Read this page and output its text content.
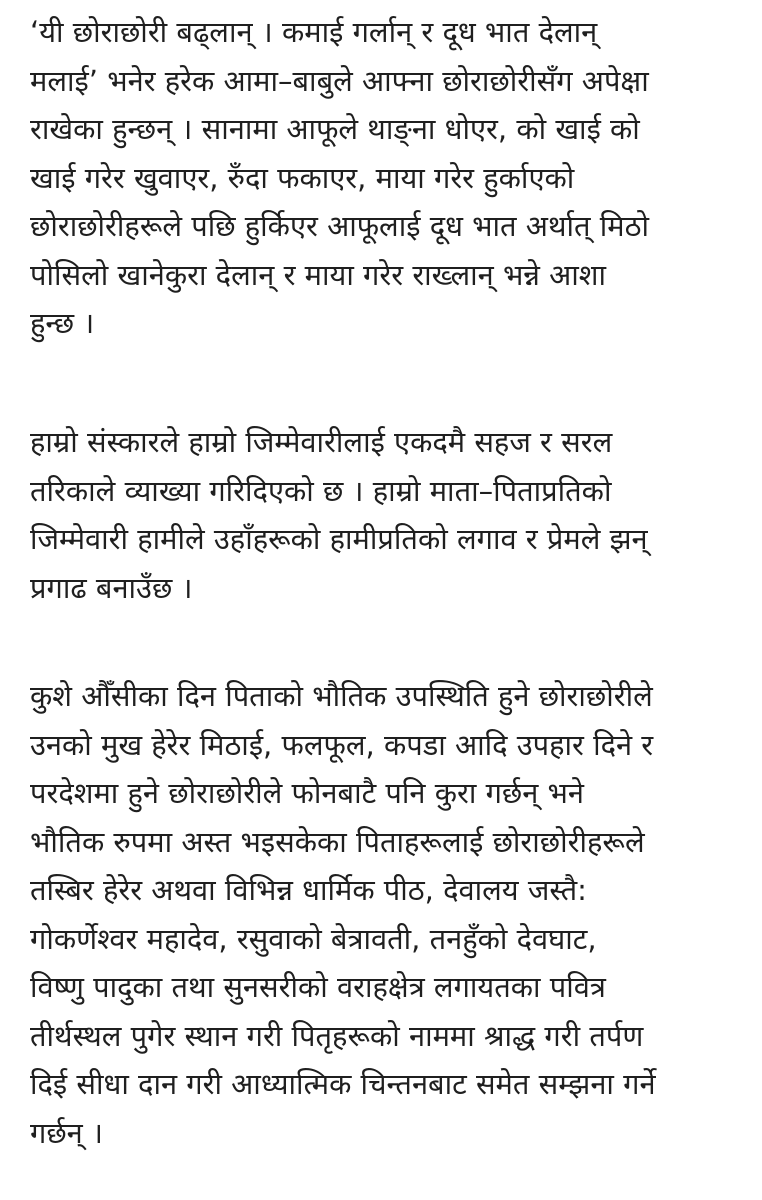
‘यी छोराछोरी बढ्लान् । कमाई गर्लान् र दूध भात देलान्
मलाई’ भनेर हरेक आमा–बाबुले आफ्ना छोराछोरीसँग अपेक्षा
राखेका हुन्छन् । सानामा आफूले थाङ्ना धोएर, को खाई को
खाई गरेर खुवाएर, रुँदा फकाएर, माया गरेर हुर्काएको
छोराछोरीहरूले पछि हुर्किएर आफूलाई दूध भात अर्थात् मिठो
पोसिलो खानेकुरा देलान् र माया गरेर राख्लान् भन्ने आशा
हुन्छ ।

हाम्रो संस्कारले हाम्रो जिम्मेवारीलाई एकदमै सहज र सरल
तरिकाले व्याख्या गरिदिएको छ । हाम्रो माता–पिताप्रतिको
जिम्मेवारी हामीले उहाँहरूको हामीप्रतिको लगाव र प्रेमले झन्
प्रगाढ बनाउँछ ।

कुशे औँसीका दिन पिताको भौतिक उपस्थिति हुने छोराछोरीले
उनको मुख हेरेर मिठाई, फलफूल, कपडा आदि उपहार दिने र
परदेशमा हुने छोराछोरीले फोनबाटै पनि कुरा गर्छन् भने
भौतिक रुपमा अस्त भइसकेका पिताहरूलाई छोराछोरीहरूले
तस्बिर हेरेर अथवा विभिन्न धार्मिक पीठ, देवालय जस्तै:
गोकर्णेश्वर महादेव, रसुवाको बेत्रावती, तनहुँको देवघाट,
विष्णु पादुका तथा सुनसरीको वराहक्षेत्र लगायतका पवित्र
तीर्थस्थल पुगेर स्थान गरी पितृहरूको नाममा श्राद्ध गरी तर्पण
दिई सीधा दान गरी आध्यात्मिक चिन्तनबाट समेत सम्झना गर्ने
गर्छन् ।
